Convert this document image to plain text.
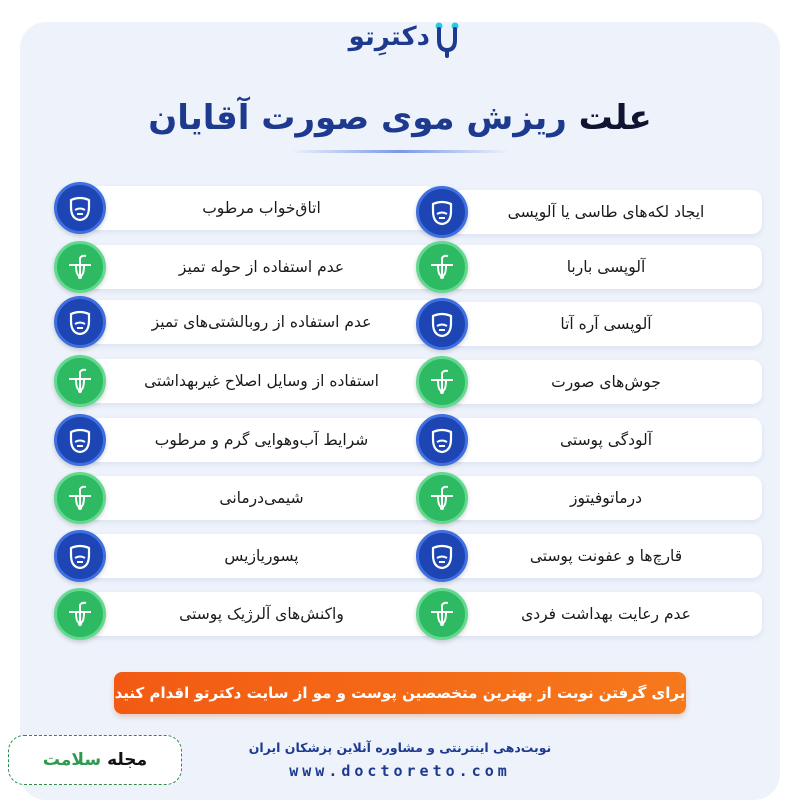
دکترِتو
علت ریزش موی صورت آقایان
اتاق‌خواب مرطوب
عدم استفاده از حوله تمیز
عدم استفاده از روبالشتی‌های تمیز
استفاده از وسایل اصلاح غیربهداشتی
شرایط آب‌وهوایی گرم و مرطوب
شیمی‌درمانی
پسوریازیس
واکنش‌های آلرژیک پوستی
ایجاد لکه‌های طاسی یا آلوپسی
آلوپسی باربا
آلوپسی آره آتا
جوش‌های صورت
آلودگی پوستی
درماتوفیتوز
قارچ‌ها و عفونت پوستی
عدم رعایت بهداشت فردی
برای گرفتن نوبت از بهترین متخصصین پوست و مو از سایت دکترتو اقدام کنید
نوبت‌دهی اینترنتی و مشاوره آنلاین پزشکان ایران
www.doctoreto.com
مجله
سلامت
